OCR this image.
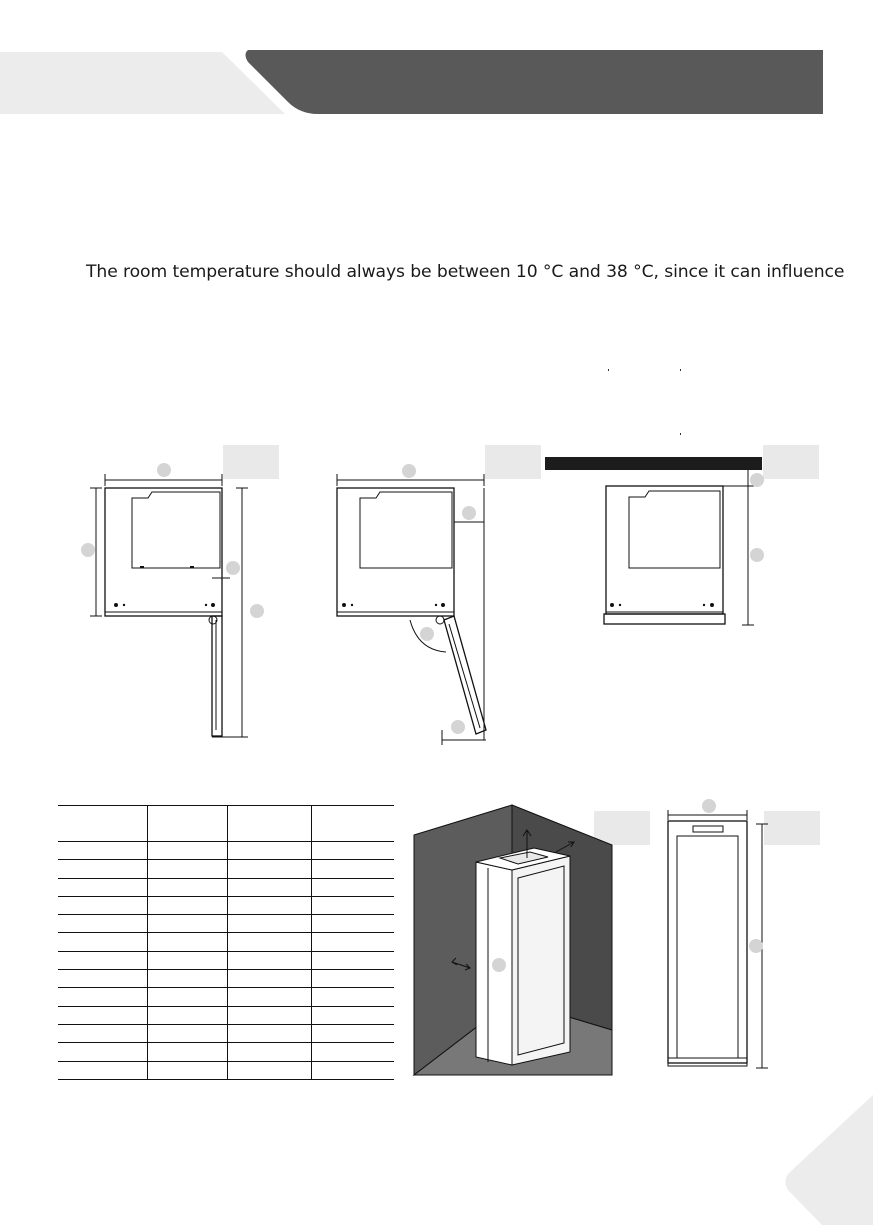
The room temperature should always be between 10 °C and 38 °C, since it can influence
